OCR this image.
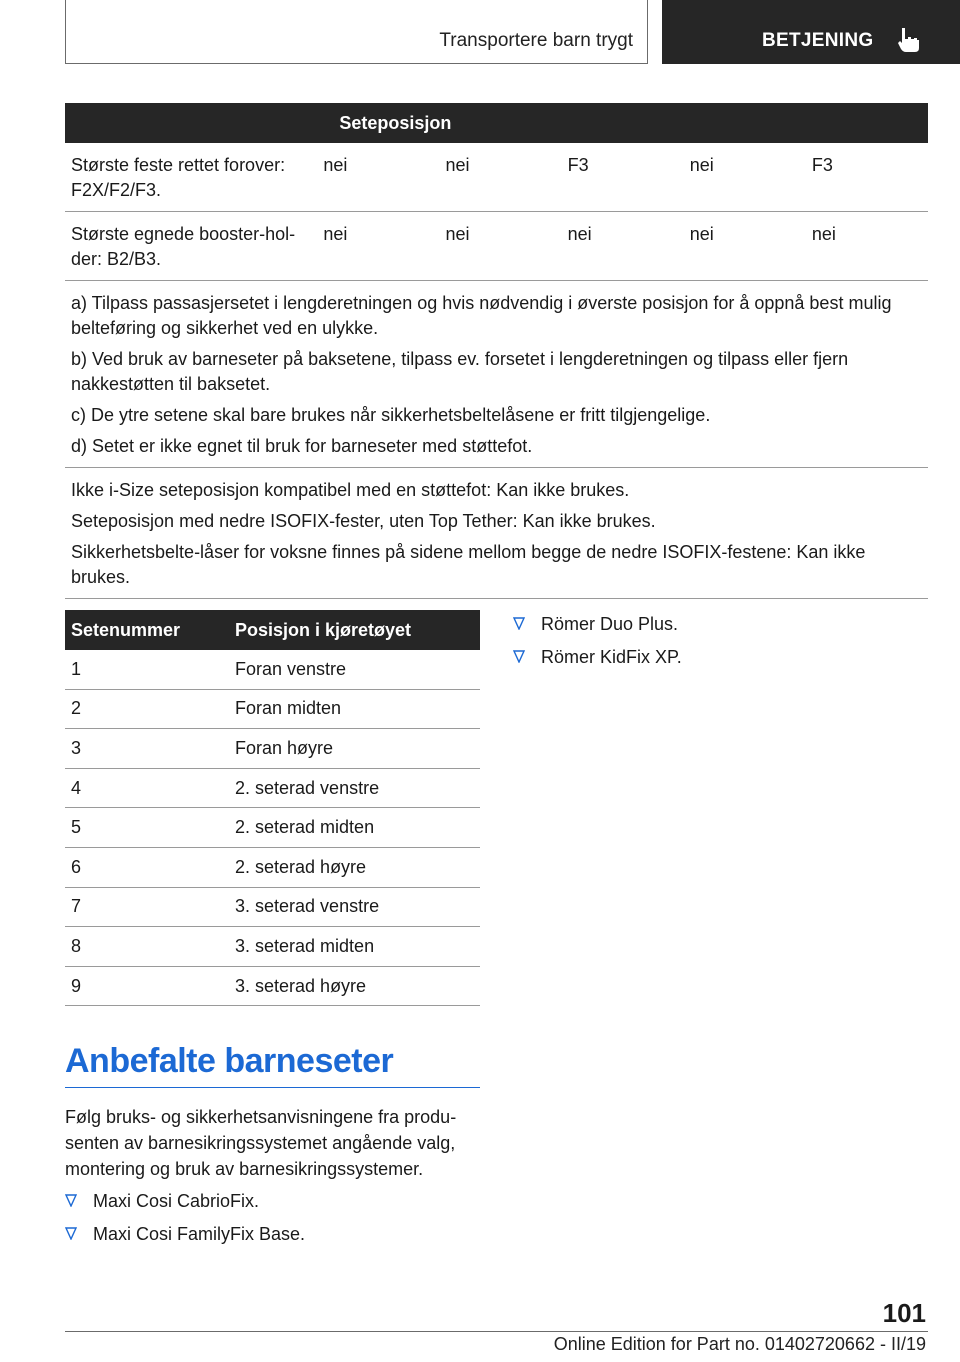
Transportere barn trygt	BETJENING
	Seteposisjon				
Største feste rettet forover: F2X/F2/F3.	nei	nei	F3	nei	F3
Største egnede booster-holder: B2/B3.	nei	nei	nei	nei	nei

a) Tilpass passasjersetet i lengderetningen og hvis nødvendig i øverste posisjon for å oppnå best mulig belteføring og sikkerhet ved en ulykke.

b) Ved bruk av barneseter på baksetene, tilpass ev. forsetet i lengderetningen og tilpass eller fjern nakkestøtten til baksetet.

c) De ytre setene skal bare brukes når sikkerhetsbeltelåsene er fritt tilgjengelige.

d) Setet er ikke egnet til bruk for barneseter med støttefot.					

Ikke i-Size seteposisjon kompatibel med en støttefot: Kan ikke brukes.

Seteposisjon med nedre ISOFIX-fester, uten Top Tether: Kan ikke brukes.

Sikkerhetsbelte-låser for voksne finnes på sidene mellom begge de nedre ISOFIX-festene: Kan ikke brukes.					

Setenummer	Posisjon i kjøretøyet
1	Foran venstre
2	Foran midten
3	Foran høyre
4	2. seterad venstre
5	2. seterad midten
6	2. seterad høyre
7	3. seterad venstre
8	3. seterad midten
9	3. seterad høyre
Römer Duo Plus.
Römer KidFix XP.
Anbefalte barneseter

Følg bruks- og sikkerhetsanvisningene fra produsenten av barnesikringssystemet angående valg, montering og bruk av barnesikringssystemer.

Maxi Cosi CabrioFix.
Maxi Cosi FamilyFix Base.
101
Online Edition for Part no. 01402720662 - II/19
